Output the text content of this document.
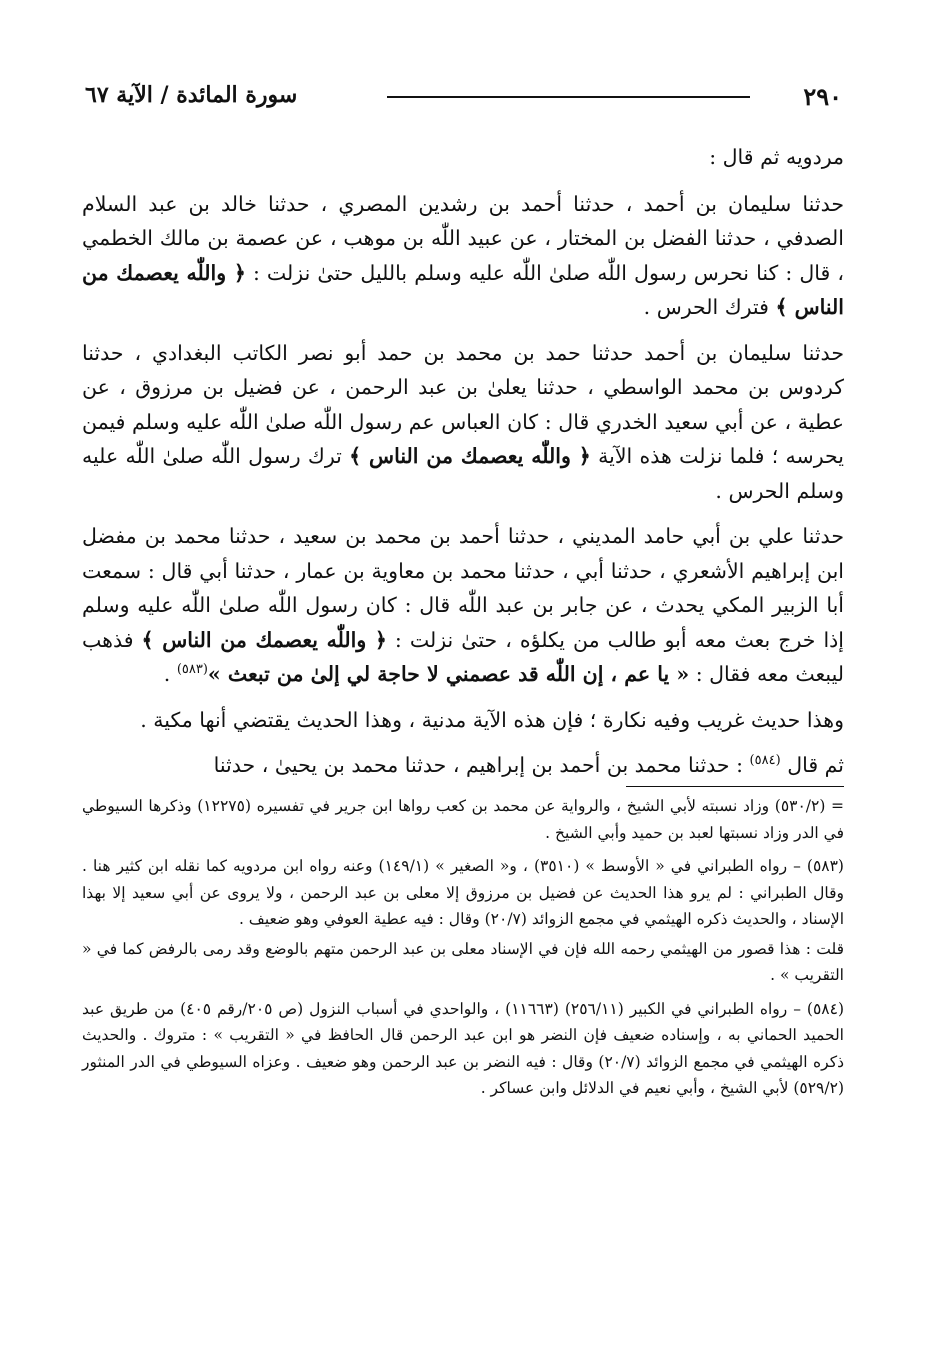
٢٩٠
سورة المائدة / الآية ٦٧

مردويه ثم قال :

حدثنا سليمان بن أحمد ، حدثنا أحمد بن رشدين المصري ، حدثنا خالد بن عبد السلام الصدفي ، حدثنا الفضل بن المختار ، عن عبيد اللّٰه بن موهب ، عن عصمة بن مالك الخطمي ، قال : كنا نحرس رسول اللّٰه صلىٰ اللّٰه عليه وسلم بالليل حتىٰ نزلت : ﴿ واللّٰه يعصمك من الناس ﴾ فترك الحرس .

حدثنا سليمان بن أحمد حدثنا حمد بن محمد بن حمد أبو نصر الكاتب البغدادي ، حدثنا كردوس بن محمد الواسطي ، حدثنا يعلىٰ بن عبد الرحمن ، عن فضيل بن مرزوق ، عن عطية ، عن أبي سعيد الخدري قال : كان العباس عم رسول اللّٰه صلىٰ اللّٰه عليه وسلم فيمن يحرسه ؛ فلما نزلت هذه الآية ﴿ واللّٰه يعصمك من الناس ﴾ ترك رسول اللّٰه صلىٰ اللّٰه عليه وسلم الحرس .

حدثنا علي بن أبي حامد المديني ، حدثنا أحمد بن محمد بن سعيد ، حدثنا محمد بن مفضل ابن إبراهيم الأشعري ، حدثنا أبي ، حدثنا محمد بن معاوية بن عمار ، حدثنا أبي قال : سمعت أبا الزبير المكي يحدث ، عن جابر بن عبد اللّٰه قال : كان رسول اللّٰه صلىٰ اللّٰه عليه وسلم إذا خرج بعث معه أبو طالب من يكلؤه ، حتىٰ نزلت : ﴿ واللّٰه يعصمك من الناس ﴾ فذهب ليبعث معه فقال : « يا عم ، إن اللّٰه قد عصمني لا حاجة لي إلىٰ من تبعث »$^{(٥٨٣)}$ .

وهذا حديث غريب وفيه نكارة ؛ فإن هذه الآية مدنية ، وهذا الحديث يقتضي أنها مكية .

ثم قال $^{(٥٨٤)}$ : حدثنا محمد بن أحمد بن إبراهيم ، حدثنا محمد بن يحيىٰ ، حدثنا

= (٥٣٠/٢) وزاد نسبته لأبي الشيخ ، والرواية عن محمد بن كعب رواها ابن جرير في تفسيره (١٢٢٧٥) وذكرها السيوطي في الدر وزاد نسبتها لعبد بن حميد وأبي الشيخ .

(٥٨٣) – رواه الطبراني في « الأوسط » (٣٥١٠) ، و« الصغير » (١٤٩/١) وعنه رواه ابن مردويه كما نقله ابن كثير هنا . وقال الطبراني : لم يرو هذا الحديث عن فضيل بن مرزوق إلا معلى بن عبد الرحمن ، ولا يروى عن أبي سعيد إلا بهذا الإسناد ، والحديث ذكره الهيثمي في مجمع الزوائد (٢٠/٧) وقال : فيه عطية العوفي وهو ضعيف .

قلت : هذا قصور من الهيثمي رحمه الله فإن في الإسناد معلى بن عبد الرحمن متهم بالوضع وقد رمى بالرفض كما في « التقريب » .

(٥٨٤) – رواه الطبراني في الكبير (٢٥٦/١١) (١١٦٦٣) ، والواحدي في أسباب النزول (ص ٢٠٥/رقم ٤٠٥) من طريق عبد الحميد الحماني به ، وإسناده ضعيف فإن النضر هو ابن عبد الرحمن قال الحافظ في « التقريب » : متروك . والحديث ذكره الهيثمي في مجمع الزوائد (٢٠/٧) وقال : فيه النضر بن عبد الرحمن وهو ضعيف . وعزاه السيوطي في الدر المنثور (٥٢٩/٢) لأبي الشيخ ، وأبي نعيم في الدلائل وابن عساكر .
